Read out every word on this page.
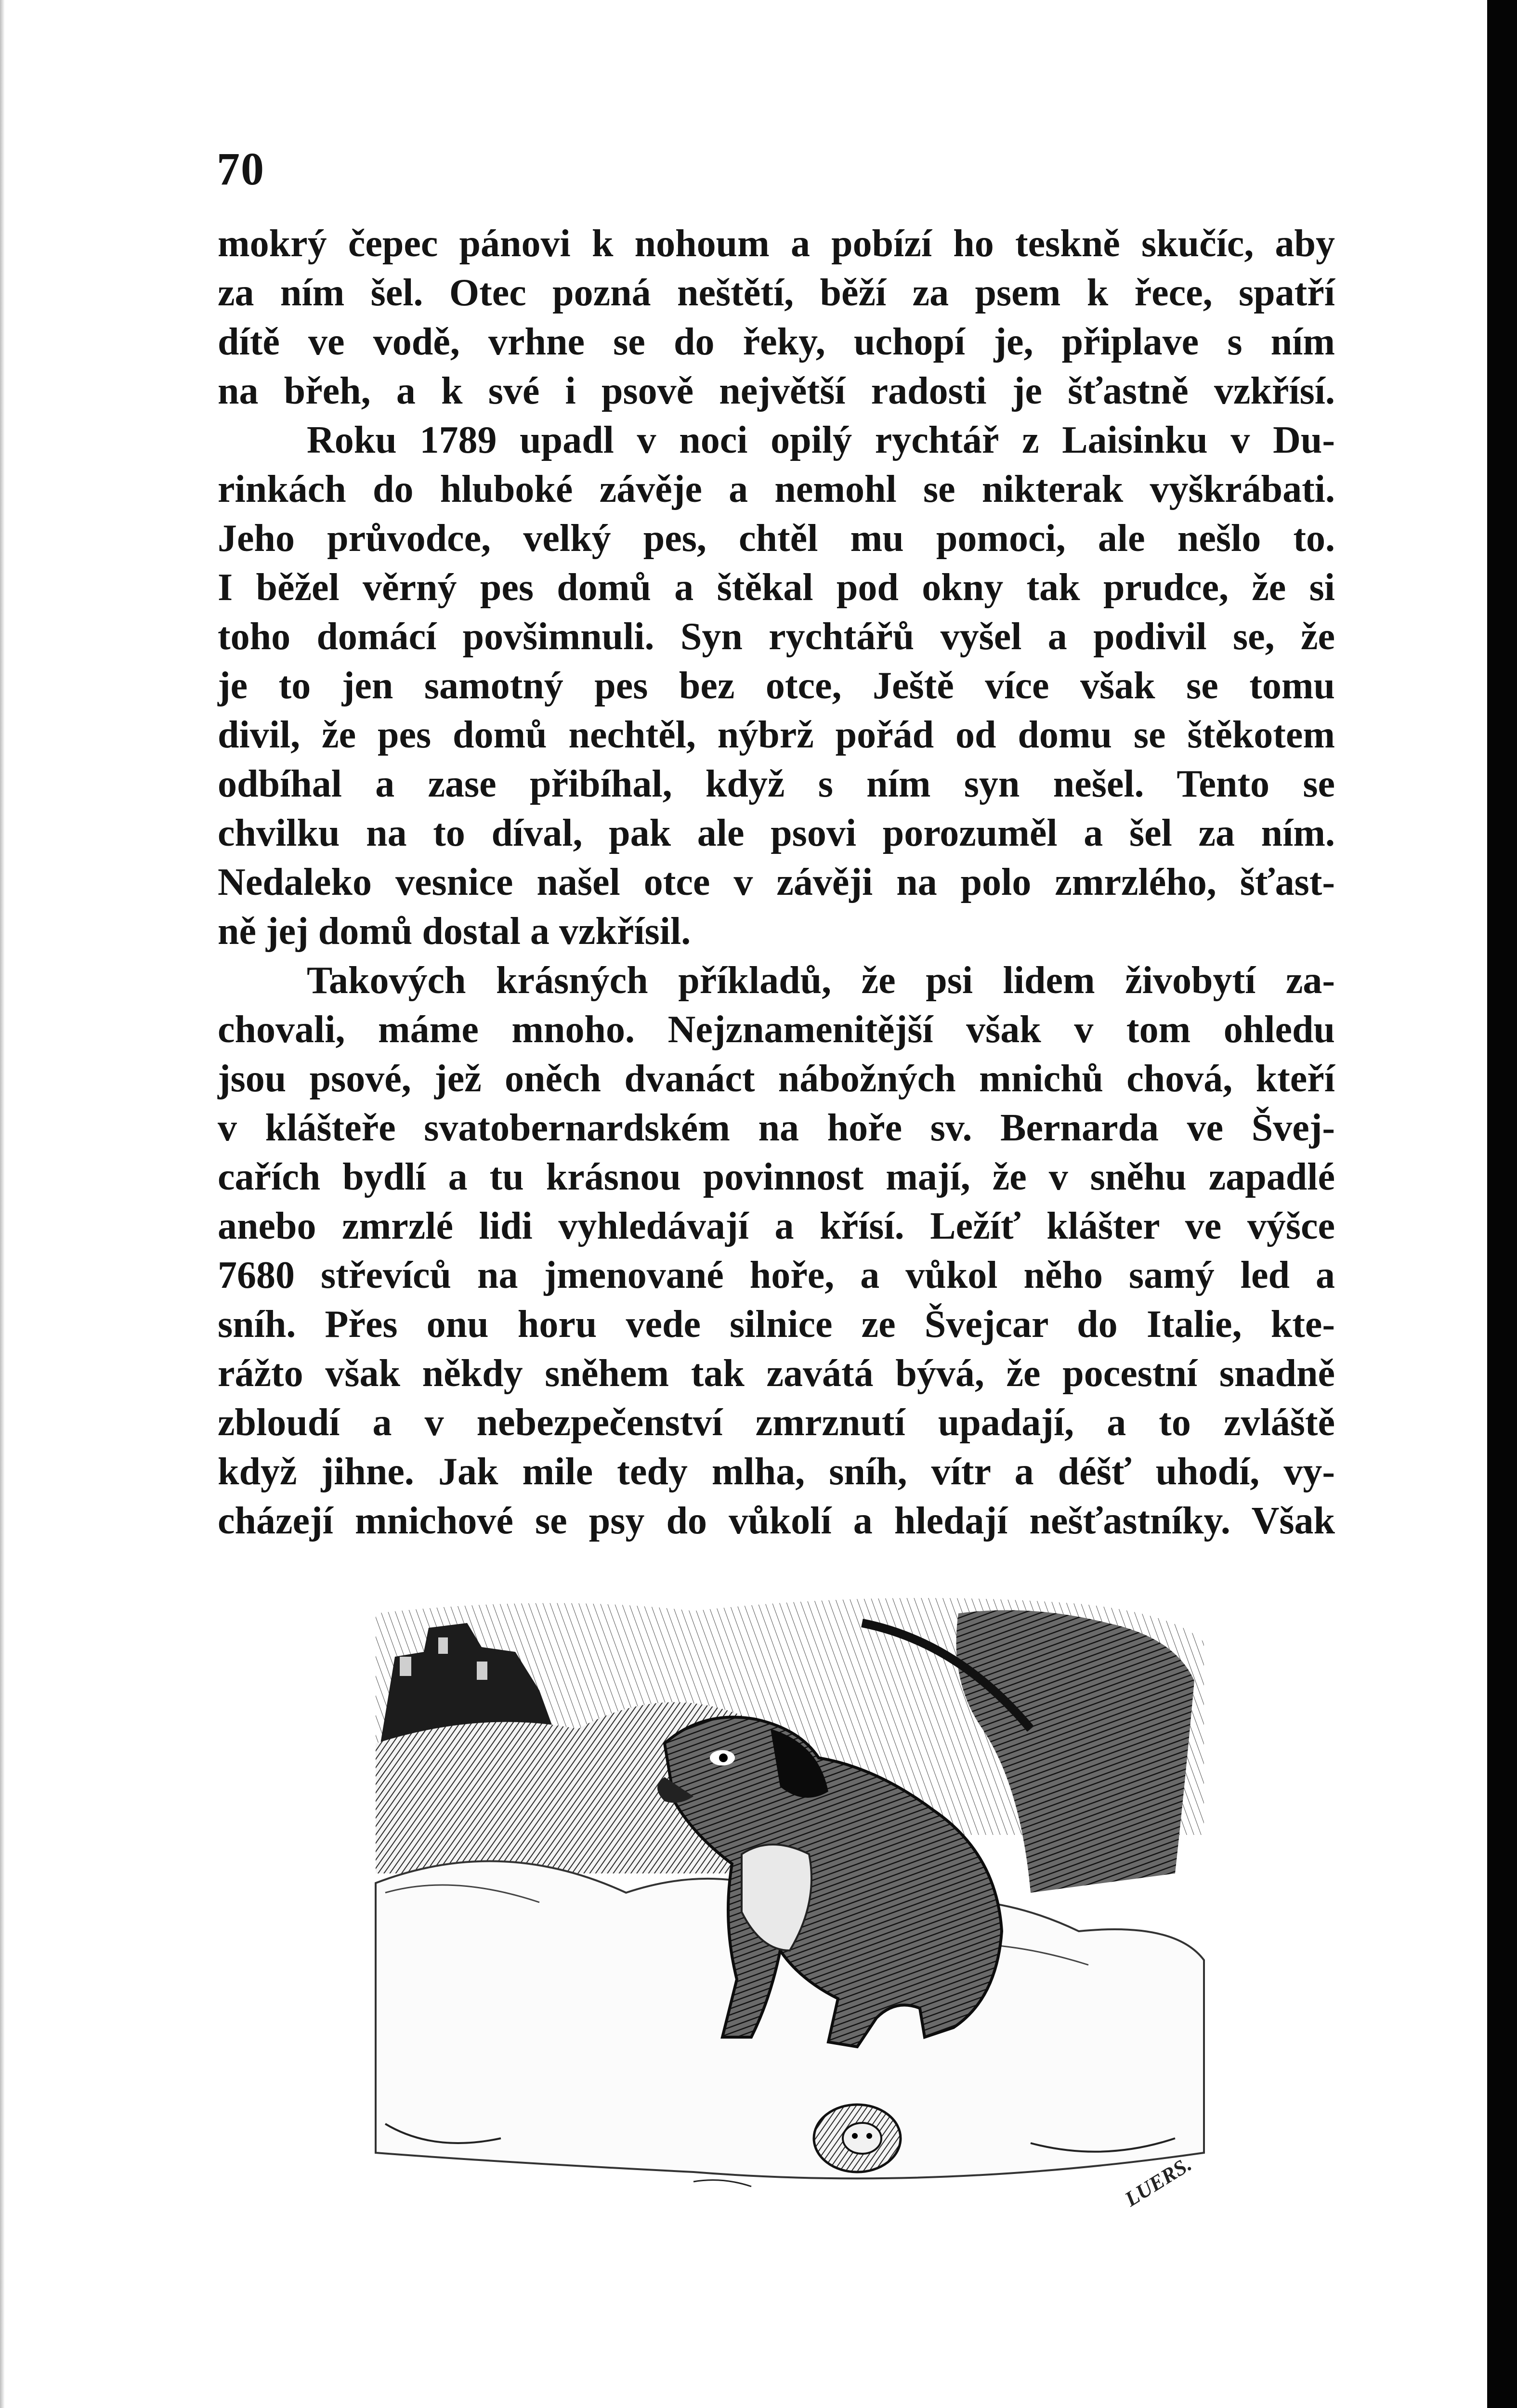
70
mokrý čepec pánovi k nohoum a pobízí ho teskně skučíc, aby
za ním šel. Otec pozná neštětí, běží za psem k řece, spatří
dítě ve vodě, vrhne se do řeky, uchopí je, připlave s ním
na břeh, a k své i psově největší radosti je šťastně vzkřísí.
Roku 1789 upadl v noci opilý rychtář z Laisinku v Du-
rinkách do hluboké závěje a nemohl se nikterak vyškrábati.
Jeho průvodce, velký pes, chtěl mu pomoci, ale nešlo to.
I běžel věrný pes domů a štěkal pod okny tak prudce, že si
toho domácí povšimnuli. Syn rychtářů vyšel a podivil se, že
je to jen samotný pes bez otce, Ještě více však se tomu
divil, že pes domů nechtěl, nýbrž pořád od domu se štěkotem
odbíhal a zase přibíhal, když s ním syn nešel. Tento se
chvilku na to díval, pak ale psovi porozuměl a šel za ním.
Nedaleko vesnice našel otce v závěji na polo zmrzlého, šťast-
ně jej domů dostal a vzkřísil.
Takových krásných příkladů, že psi lidem živobytí za-
chovali, máme mnoho. Nejznamenitější však v tom ohledu
jsou psové, jež oněch dvanáct nábožných mnichů chová, kteří
v klášteře svatobernardském na hoře sv. Bernarda ve Švej-
cařích bydlí a tu krásnou povinnost mají, že v sněhu zapadlé
anebo zmrzlé lidi vyhledávají a křísí. Ležíť klášter ve výšce
7680 střevíců na jmenované hoře, a vůkol něho samý led a
sníh. Přes onu horu vede silnice ze Švejcar do Italie, kte-
rážto však někdy sněhem tak zavátá bývá, že pocestní snadně
zbloudí a v nebezpečenství zmrznutí upadají, a to zvláště
když jihne. Jak mile tedy mlha, sníh, vítr a déšť uhodí, vy-
cházejí mnichové se psy do vůkolí a hledají nešťastníky. Však
LUERS.
